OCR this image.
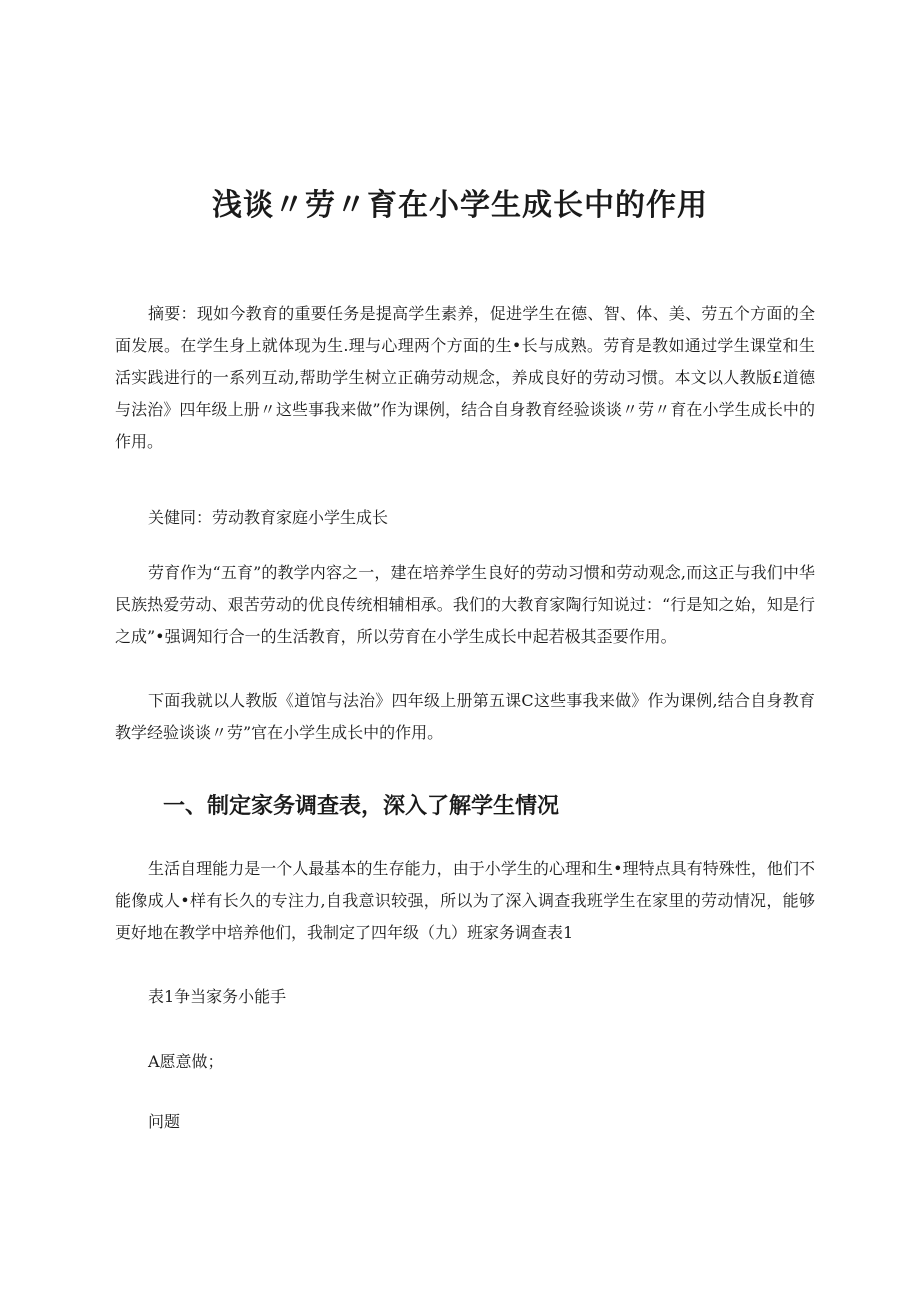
浅谈〃劳〃育在小学生成长中的作用

摘要：现如今教育的重要任务是提高学生素养，促进学生在德、智、体、美、劳五个方面的全面发展。在学生身上就体现为生.理与心理两个方面的生•长与成熟。劳育是教如通过学生课堂和生活实践进行的一系列互动,帮助学生树立正确劳动规念，养成良好的劳动习惯。本文以人教版£道德与法治》四年级上册〃这些事我来做”作为课例，结合自身教育经验谈谈〃劳〃育在小学生成长中的作用。

关健同：劳动教育家庭小学生成长

劳育作为“五育”的教学内容之一，建在培养学生良好的劳动习惯和劳动观念,而这正与我们中华民族热爱劳动、艰苦劳动的优良传统相辅相承。我们的大教育家陶行知说过：“行是知之始，知是行之成”•强调知行合一的生活教育，所以劳育在小学生成长中起若极其歪要作用。

下面我就以人教版《道馆与法治》四年级上册第五课C这些事我来做》作为课例,结合自身教育教学经验谈谈〃劳”官在小学生成长中的作用。

一、制定家务调查表，深入了解学生情况

生活自理能力是一个人最基本的生存能力，由于小学生的心理和生•理特点具有特殊性，他们不能像成人•样有长久的专注力,自我意识较强，所以为了深入调查我班学生在家里的劳动情况，能够更好地在教学中培养他们，我制定了四年级（九）班家务调查表1

表1争当家务小能手

A愿意做；

问题
